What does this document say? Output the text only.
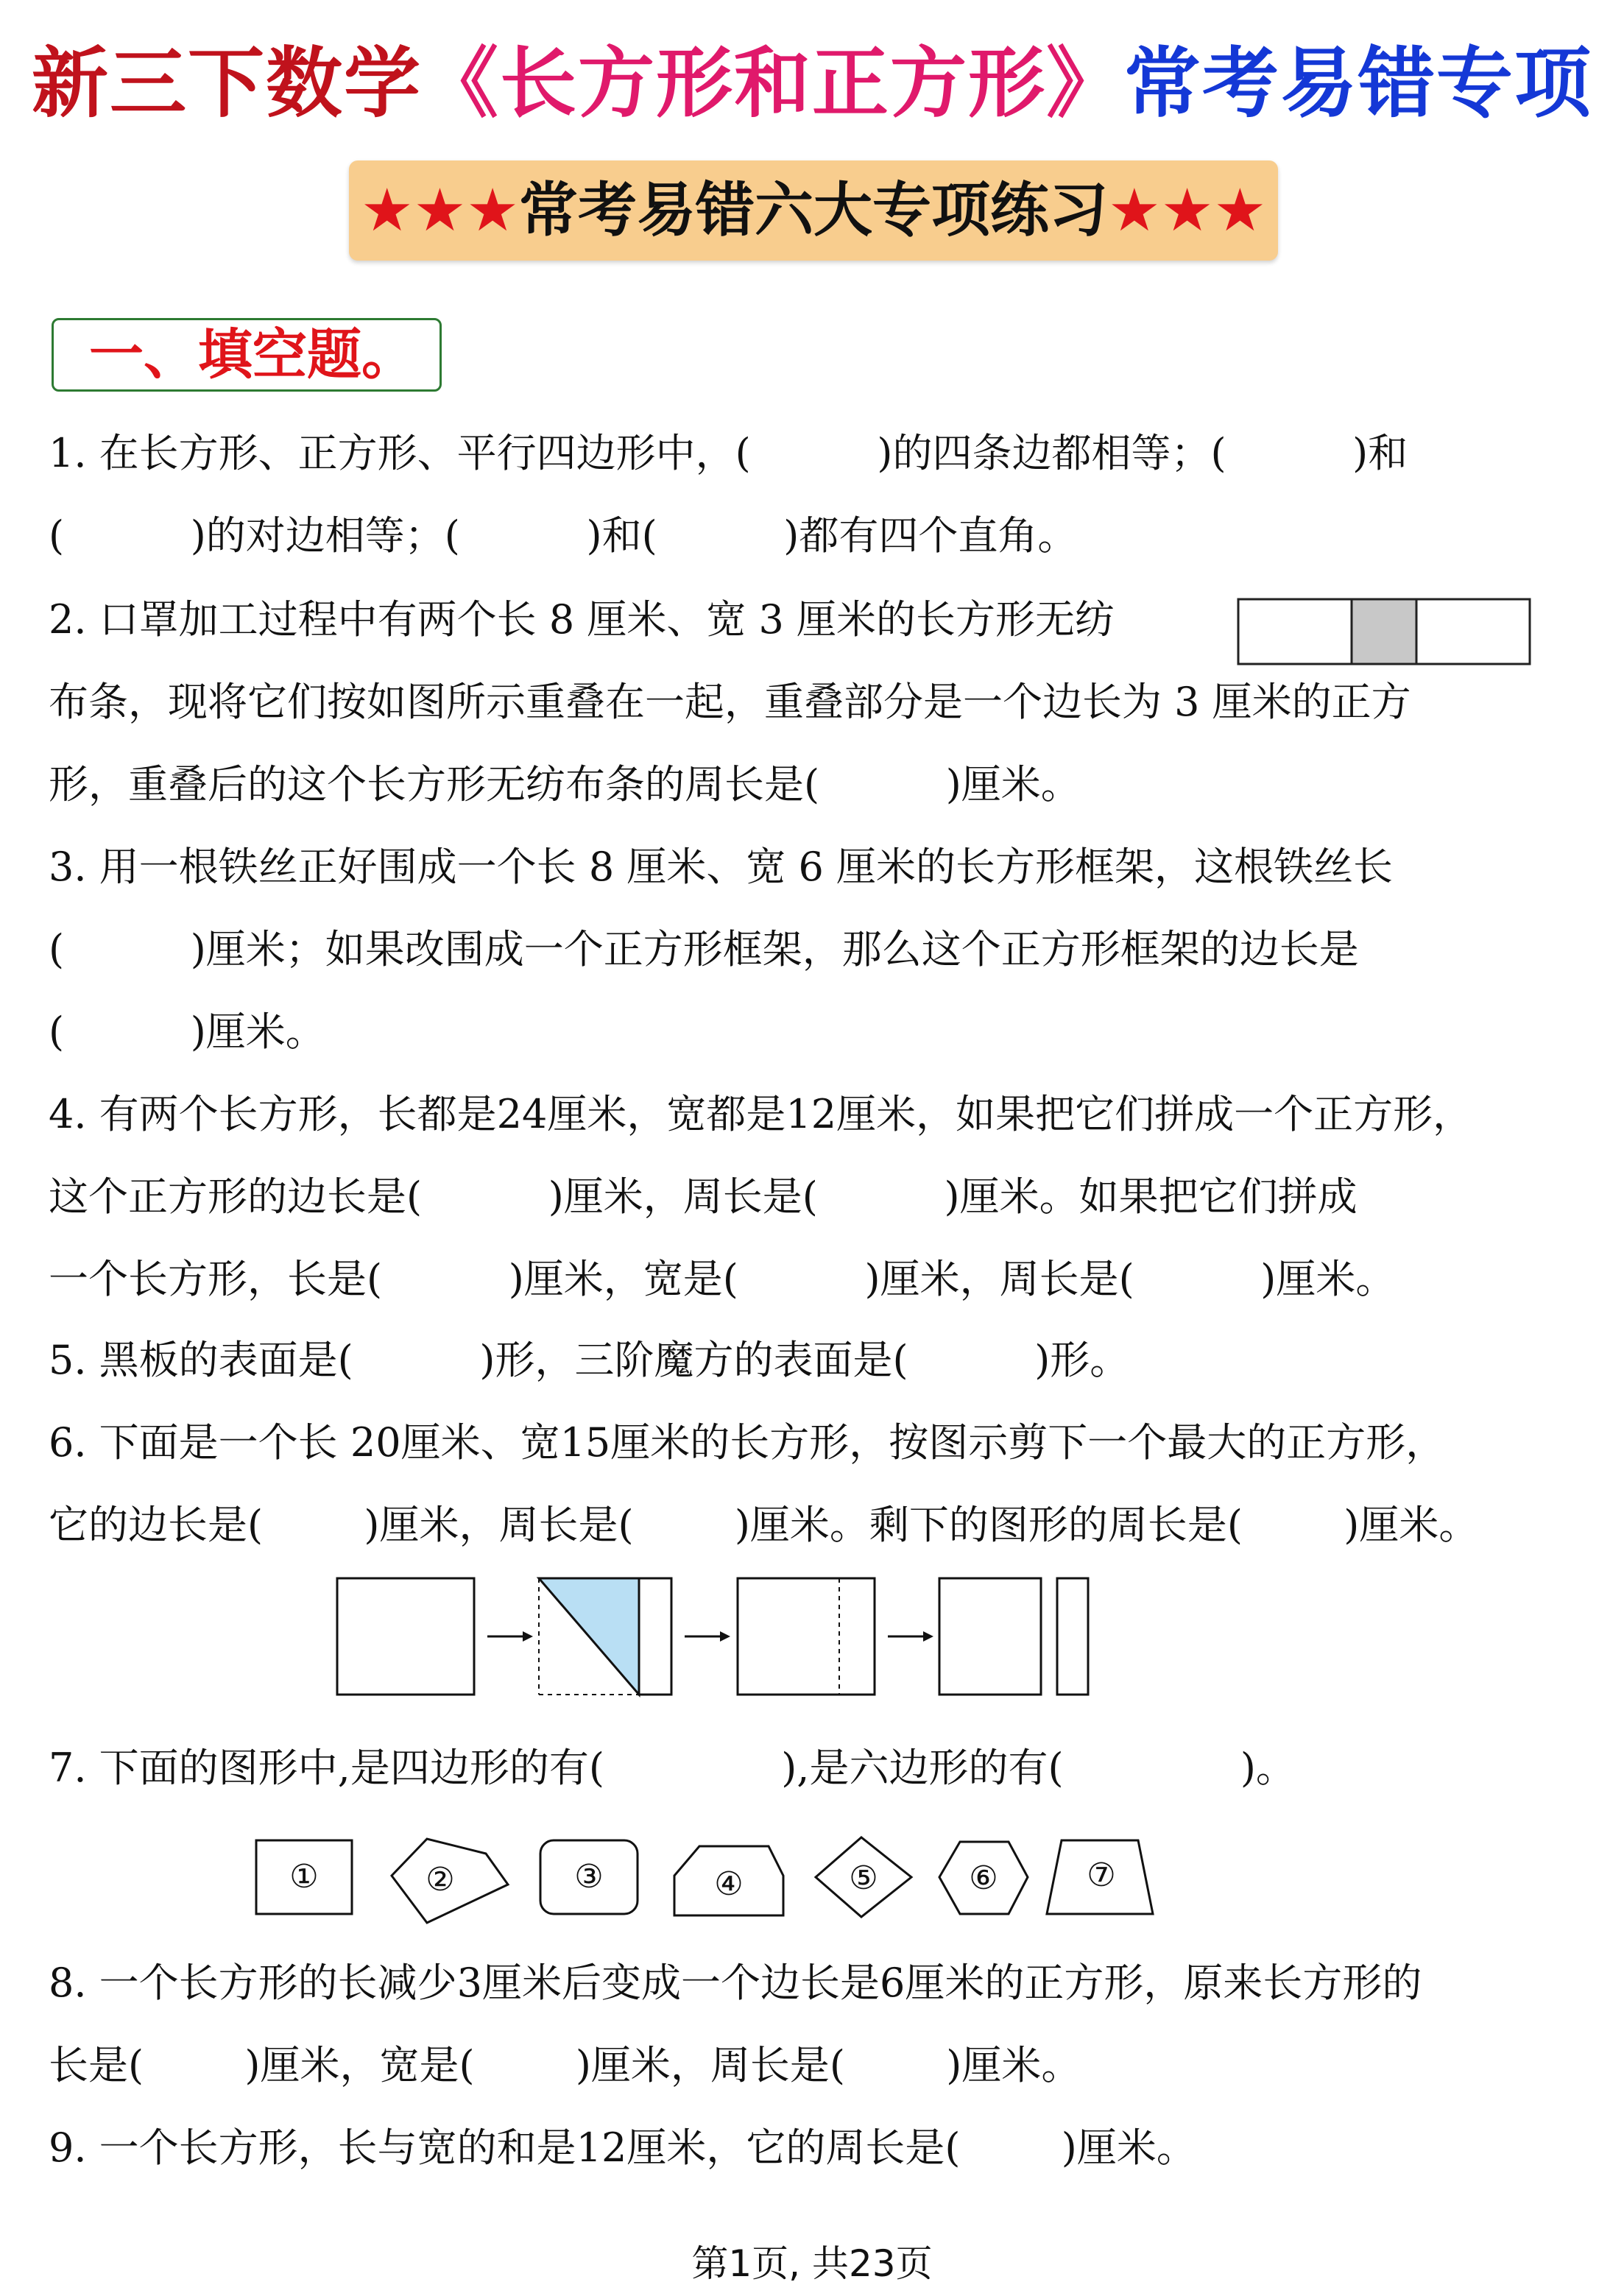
新三下数学《长方形和正方形》常考易错专项
★★★常考易错六大专项练习★★★
一、填空题。
1. 在长方形、正方形、平行四边形中，(          )的四条边都相等；(          )和
(          )的对边相等；(          )和(          )都有四个直角。
2. 口罩加工过程中有两个长 8 厘米、宽 3 厘米的长方形无纺
布条，现将它们按如图所示重叠在一起，重叠部分是一个边长为 3 厘米的正方
形，重叠后的这个长方形无纺布条的周长是(          )厘米。
3. 用一根铁丝正好围成一个长 8 厘米、宽 6 厘米的长方形框架，这根铁丝长
(          )厘米；如果改围成一个正方形框架，那么这个正方形框架的边长是
(          )厘米。
4. 有两个长方形，长都是24厘米，宽都是12厘米，如果把它们拼成一个正方形，
这个正方形的边长是(          )厘米，周长是(          )厘米。如果把它们拼成
一个长方形，长是(          )厘米，宽是(          )厘米，周长是(          )厘米。
5. 黑板的表面是(          )形，三阶魔方的表面是(          )形。
6. 下面是一个长 20厘米、宽15厘米的长方形，按图示剪下一个最大的正方形，
它的边长是(        )厘米，周长是(        )厘米。剩下的图形的周长是(        )厘米。
7. 下面的图形中,是四边形的有(              ),是六边形的有(              )。
①	②	③	④	⑤	⑥	⑦
8. 一个长方形的长减少3厘米后变成一个边长是6厘米的正方形，原来长方形的
长是(        )厘米，宽是(        )厘米，周长是(        )厘米。
9. 一个长方形，长与宽的和是12厘米，它的周长是(        )厘米。
第1页, 共23页
